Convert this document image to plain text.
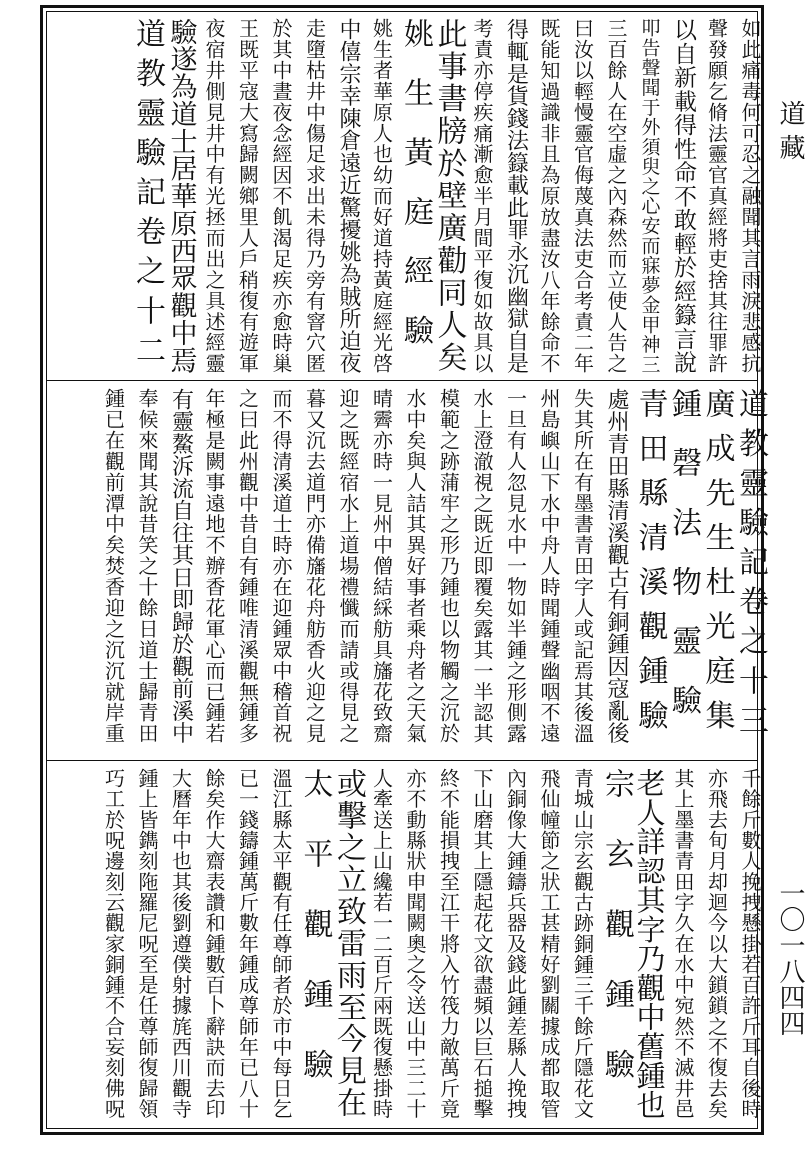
如此痛毒何可忍之融聞其言雨淚悲感抗
聲發願乞脩法靈官真經將吏捨其往罪許
以自新載得性命不敢輕於經籙言說
叩告聲聞于外須臾之心安而寐夢金甲神三
三百餘人在空虛之內森然而立使人告之
曰汝以輕慢靈官侮蔑真法吏合考責二年
既能知過識非且為原放盡汝八年餘命不
得輒是貨錢法籙載此罪永沉幽獄自是
考責亦停疾痛漸愈半月間平復如故具以
此事書牓於壁廣勸同人矣
姚生黃庭經驗
姚生者華原人也幼而好道持黃庭經光啓
中僖宗幸陳倉遠近驚擾姚為賊所迫夜
走墮枯井中傷足求出未得乃旁有窨穴匿
於其中晝夜念經因不飢渴足疾亦愈時巢
王既平寇大寫歸闕鄉里人戶稍復有遊軍
夜宿井側見井中有光拯而出之具述經靈
驗遂為道士居華原西眾觀中焉
道教靈驗記卷之十二
道教靈驗記卷之十三
廣成先生杜光庭集
鍾磬法物靈驗
青田縣清溪觀鍾驗
處州青田縣清溪觀古有銅鍾因寇亂後
失其所在有墨書青田字人或記焉其後溫
州島嶼山下水中舟人時聞鍾聲幽咽不遠
一旦有人忽見水中一物如半鍾之形側露
水上澄澈視之既近即覆矣露其一半認其
模範之跡蒲牢之形乃鍾也以物觸之沉於
水中矣與人詰其異好事者乘舟者之天氣
晴霽亦時一見州中僧結綵舫具旛花致齋
迎之既經宿水上道場禮懺而請或得見之
暮又沉去道門亦備旛花舟舫香火迎之見
而不得清溪道士時亦在迎鍾眾中稽首祝
之曰此州觀中昔自有鍾唯清溪觀無鍾多
年極是闕事遠地不辦香花軍心而已鍾若
有靈鰲泝流自往其日即歸於觀前溪中
奉候來聞其說昔笑之十餘日道士歸青田
鍾已在觀前潭中矣焚香迎之沉沉就岸重
千餘斤數人挽拽懸掛若百許斤耳自後時
亦飛去旬月却迴今以大鎖鎖之不復去矣
其上墨書青田字久在水中宛然不滅井邑
老人詳認其字乃觀中舊鍾也
宗玄觀鍾驗
青城山宗玄觀古跡銅鍾三千餘斤隱花文
飛仙幢節之狀工甚精好劉關據成都取管
內銅像大鍾鑄兵器及錢此鍾差縣人挽拽
下山磨其上隱起花文欲盡頻以巨石搥擊
終不能損拽至江干將入竹筏力敵萬斤竟
亦不動縣狀申聞闕奧之令送山中三二十
人牽送上山纔若一二百斤兩既復懸掛時
或擊之立致雷雨至今見在
太平觀鍾驗
溫江縣太平觀有任尊師者於市中每日乞
已一錢鑄鍾萬斤數年鍾成尊師年已八十
餘矣作大齋表讚和鍾數百卜辭訣而去印
大曆年中也其後劉遵僕射據旄西川觀寺
鍾上皆鐫刻陁羅尼呪至是任尊師復歸領
巧工於呪邊刻云觀家銅鍾不合妄刻佛呪
道 藏
一〇一八四四
